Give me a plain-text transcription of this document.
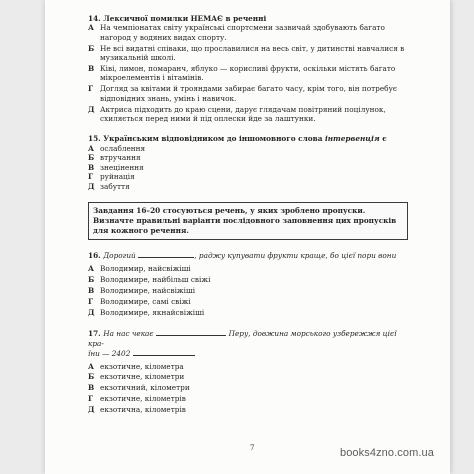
14. Лексичної помилки НЕМАЄ в реченні

А На чемпіонатах світу українські спортсмени зазвичай здобувають багато нагород у водяних видах спорту.
Б Не всі видатні співаки, що прославилися на весь світ, у дитинстві навчалися в музикальній школі.
В Ківі, лимон, помаранч, яблуко — корисливі фрукти, оскільки містять багато мікроелементів і вітамінів.
Г Догляд за квітами й трояндами забирає багато часу, крім того, він потребує відповідних знань, умінь і навичок.
Д Актриса підходить до краю сцени, дарує глядачам повітряний поцілунок, схиляється перед ними й під оплески йде за лаштунки.

15. Українським відповідником до іншомовного слова інтервенція є

А ослаблення
Б втручання
В знецінення
Г руйнація
Д забуття
Завдання 16–20 стосуються речень, у яких зроблено пропуски. Визначте правильні варіанти послідовного заповнення цих пропусків для кожного речення.

16. Дорогий	, раджу купувати фрукти краще, бо цієї пори вони

А Володимир, найсвіжіші
Б Володимире, найбільш свіжі
В Володимире, найсвіжіші
Г Володимире, самі свіжі
Д Володимире, якнайсвіжіші

17. На нас чекає	Перу, довжина морського узбережжя цієї кра-

їни — 2402

А екзотичне, кілометра
Б екзотичне, кілометри
В екзотичний, кілометри
Г екзотичне, кілометрів
Д екзотична, кілометрів
7	books4zno.com.ua
